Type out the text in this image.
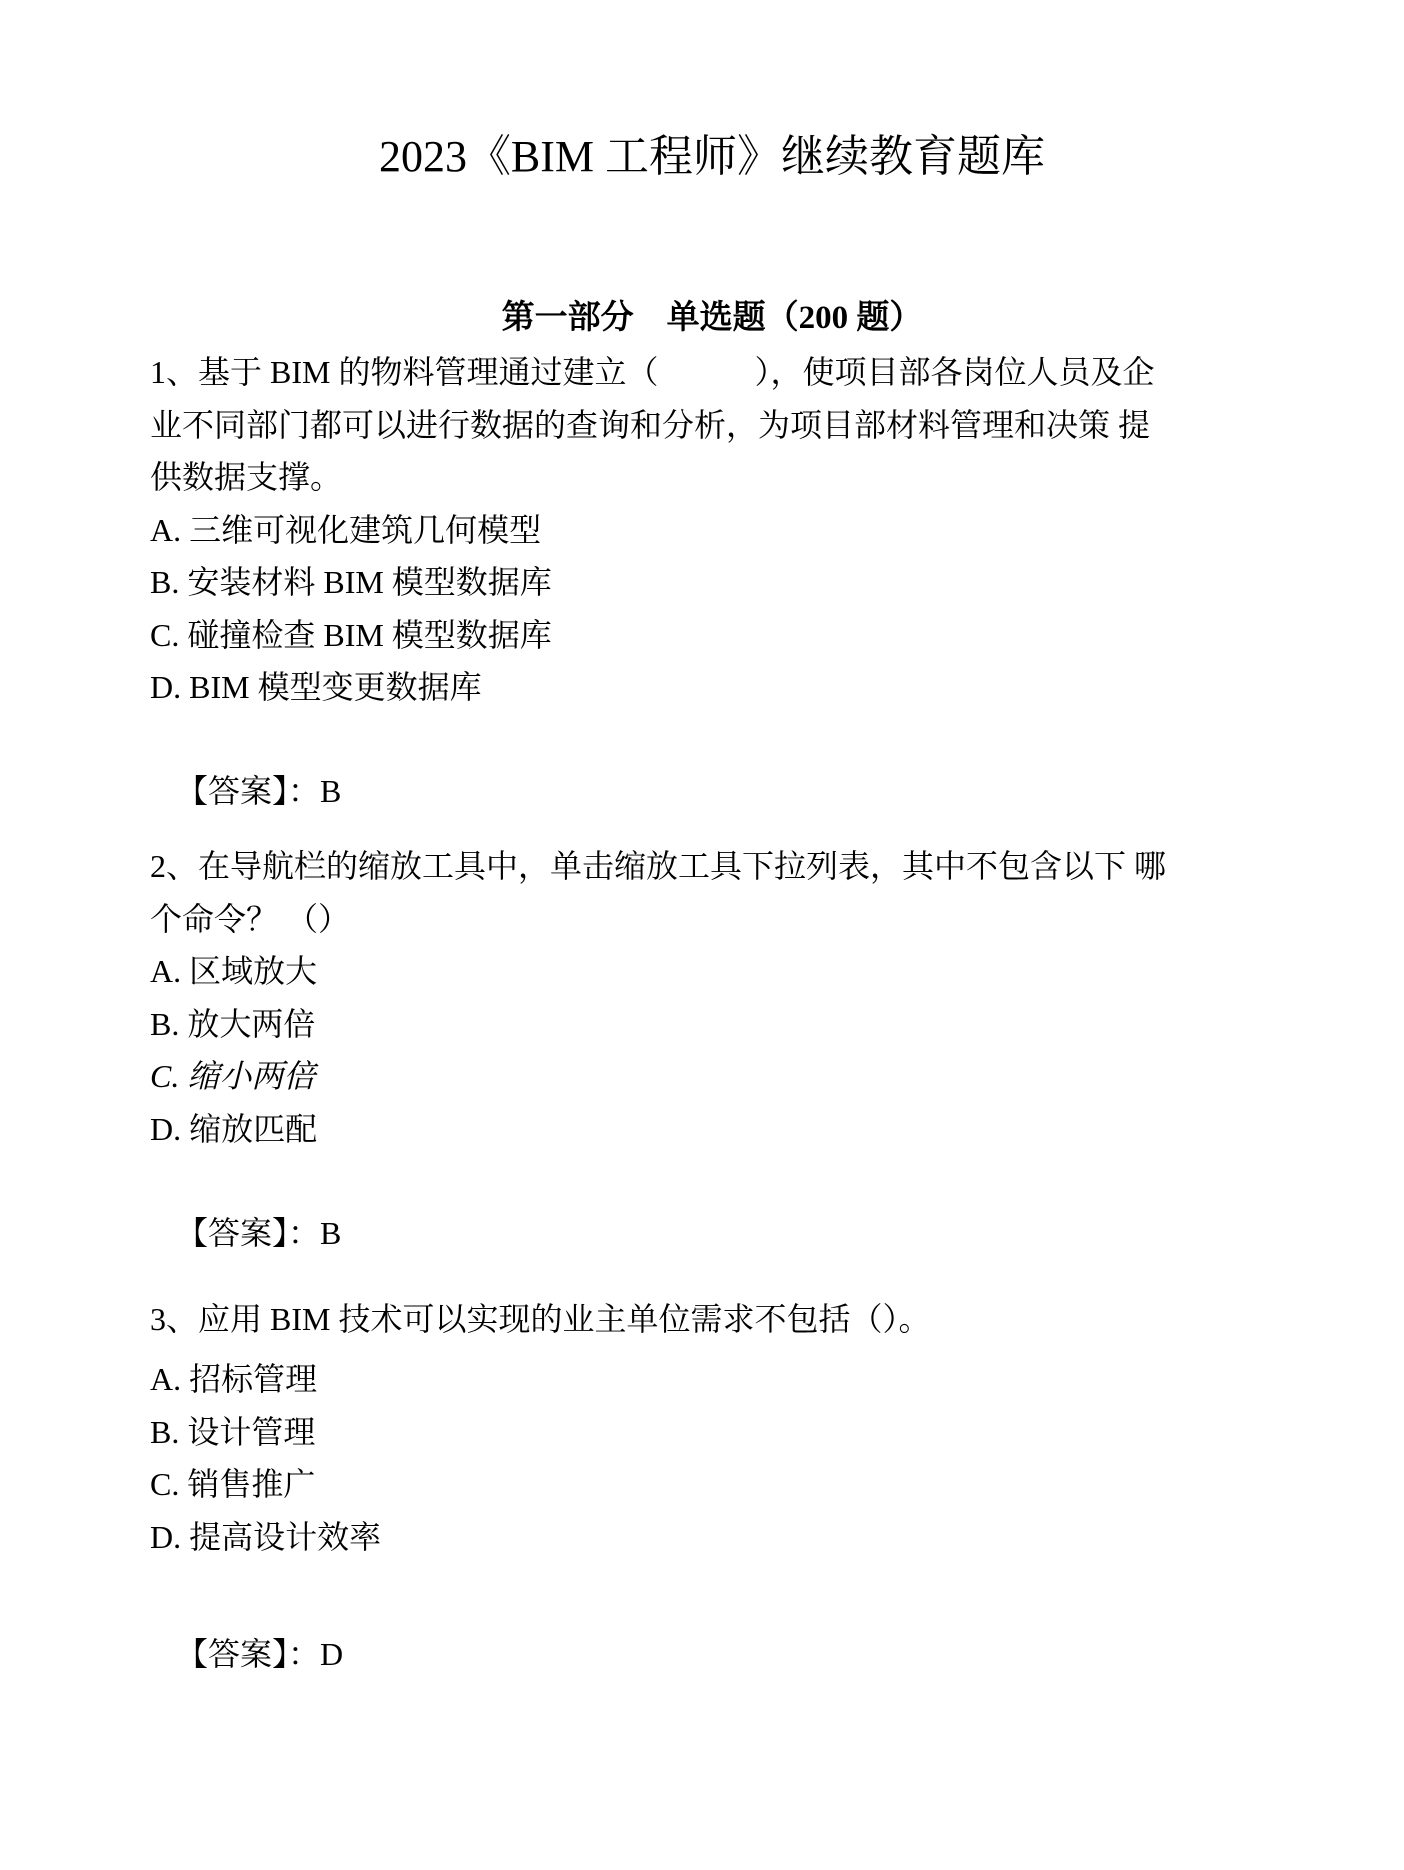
2023《BIM 工程师》继续教育题库
第一部分　单选题（200 题）

1、基于 BIM 的物料管理通过建立（　　　），使项目部各岗位人员及企

业不同部门都可以进行数据的查询和分析，为项目部材料管理和决策 提

供数据支撑。

A. 三维可视化建筑几何模型

B. 安装材料 BIM 模型数据库

C. 碰撞检查 BIM 模型数据库

D. BIM 模型变更数据库

【答案】：B

2、在导航栏的缩放工具中，单击缩放工具下拉列表，其中不包含以下 哪

个命令？ （）

A. 区域放大

B. 放大两倍

C. 缩小两倍

D. 缩放匹配

【答案】：B

3、应用 BIM 技术可以实现的业主单位需求不包括（）。

A. 招标管理

B. 设计管理

C. 销售推广

D. 提高设计效率

【答案】：D
